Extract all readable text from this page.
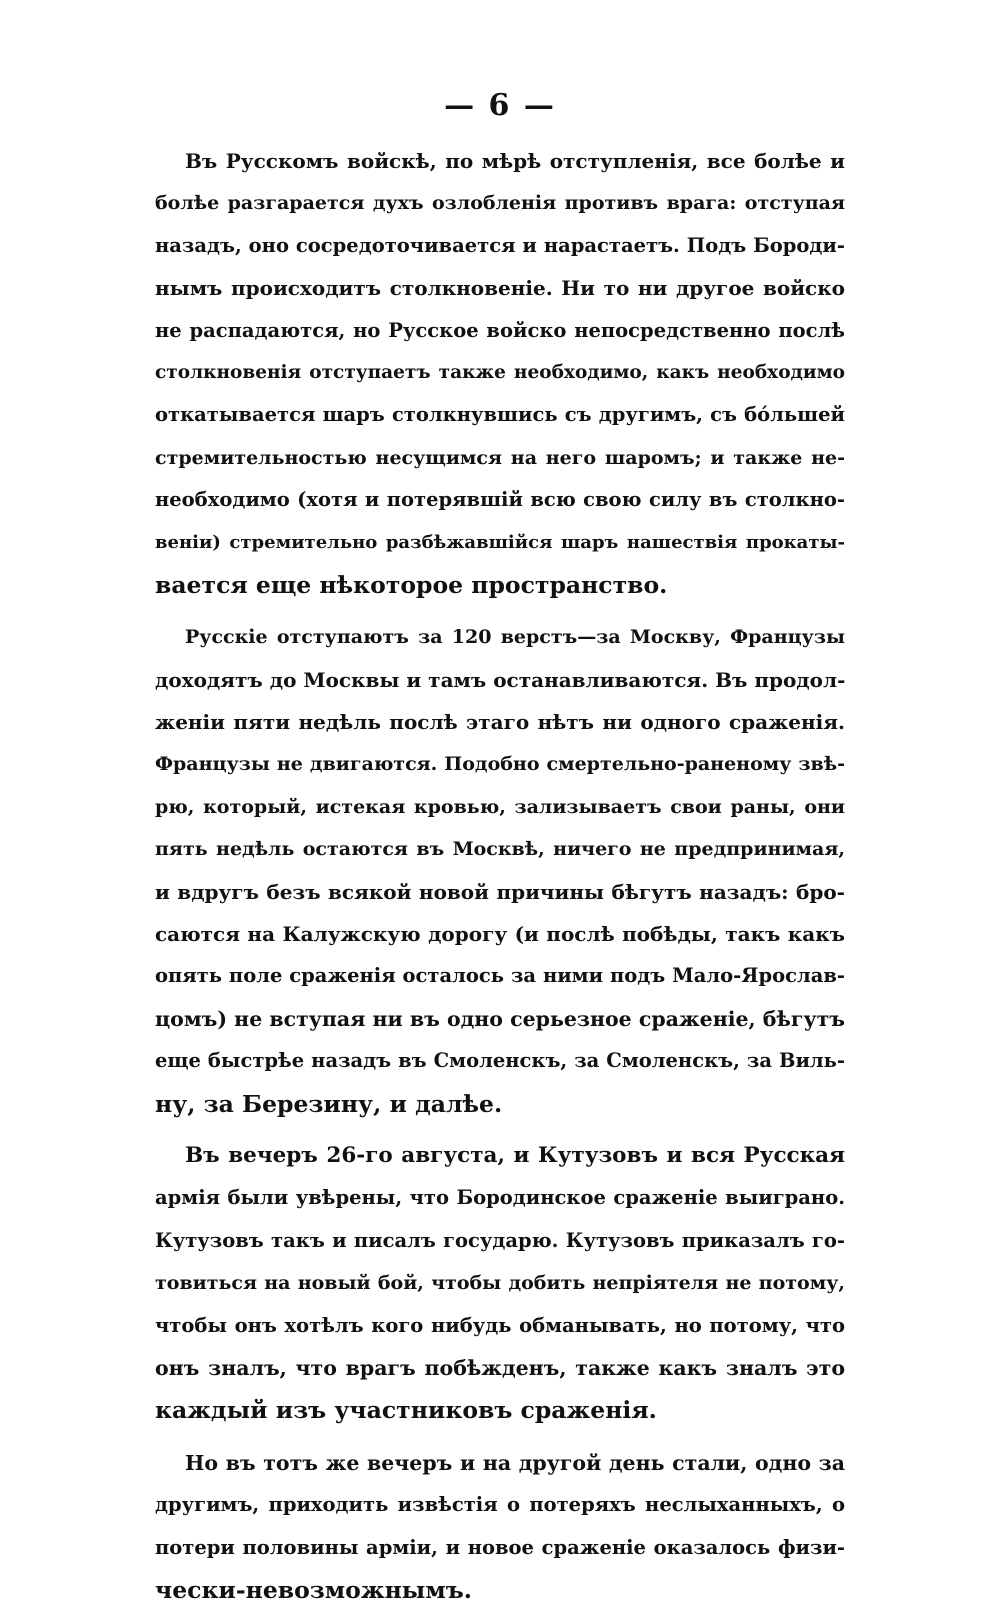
— 6 —
Въ Русскомъ войскѣ, по мѣрѣ отступленія, все болѣе и
болѣе разгарается духъ озлобленія противъ врага: отступая
назадъ, оно сосредоточивается и нарастаетъ. Подъ Бороди-
нымъ происходитъ столкновеніе. Ни то ни другое войско
не распадаются, но Русское войско непосредственно послѣ
столкновенія отступаетъ также необходимо, какъ необходимо
откатывается шаръ столкнувшись съ другимъ, съ бо́льшей
стремительностью несущимся на него шаромъ; и также не-
необходимо (хотя и потерявшій всю свою силу въ столкно-
веніи) стремительно разбѣжавшійся шаръ нашествія прокаты-
вается еще нѣкоторое пространство.
Русскіе отступаютъ за 120 верстъ—за Москву, Французы
доходятъ до Москвы и тамъ останавливаются. Въ продол-
женіи пяти недѣль послѣ этаго нѣтъ ни одного сраженія.
Французы не двигаются. Подобно смертельно-раненому звѣ-
рю, который, истекая кровью, зализываетъ свои раны, они
пять недѣль остаются въ Москвѣ, ничего не предпринимая,
и вдругъ безъ всякой новой причины бѣгутъ назадъ: бро-
саются на Калужскую дорогу (и послѣ побѣды, такъ какъ
опять поле сраженія осталось за ними подъ Мало-Ярослав-
цомъ) не вступая ни въ одно серьезное сраженіе, бѣгутъ
еще быстрѣе назадъ въ Смоленскъ, за Смоленскъ, за Виль-
ну, за Березину, и далѣе.
Въ вечеръ 26-го августа, и Кутузовъ и вся Русская
армія были увѣрены, что Бородинское сраженіе выиграно.
Кутузовъ такъ и писалъ государю. Кутузовъ приказалъ го-
товиться на новый бой, чтобы добить непріятеля не потому,
чтобы онъ хотѣлъ кого нибудь обманывать, но потому, что
онъ зналъ, что врагъ побѣжденъ, также какъ зналъ это
каждый изъ участниковъ сраженія.
Но въ тотъ же вечеръ и на другой день стали, одно за
другимъ, приходить извѣстія о потеряхъ неслыханныхъ, о
потери половины арміи, и новое сраженіе оказалось физи-
чески-невозможнымъ.
